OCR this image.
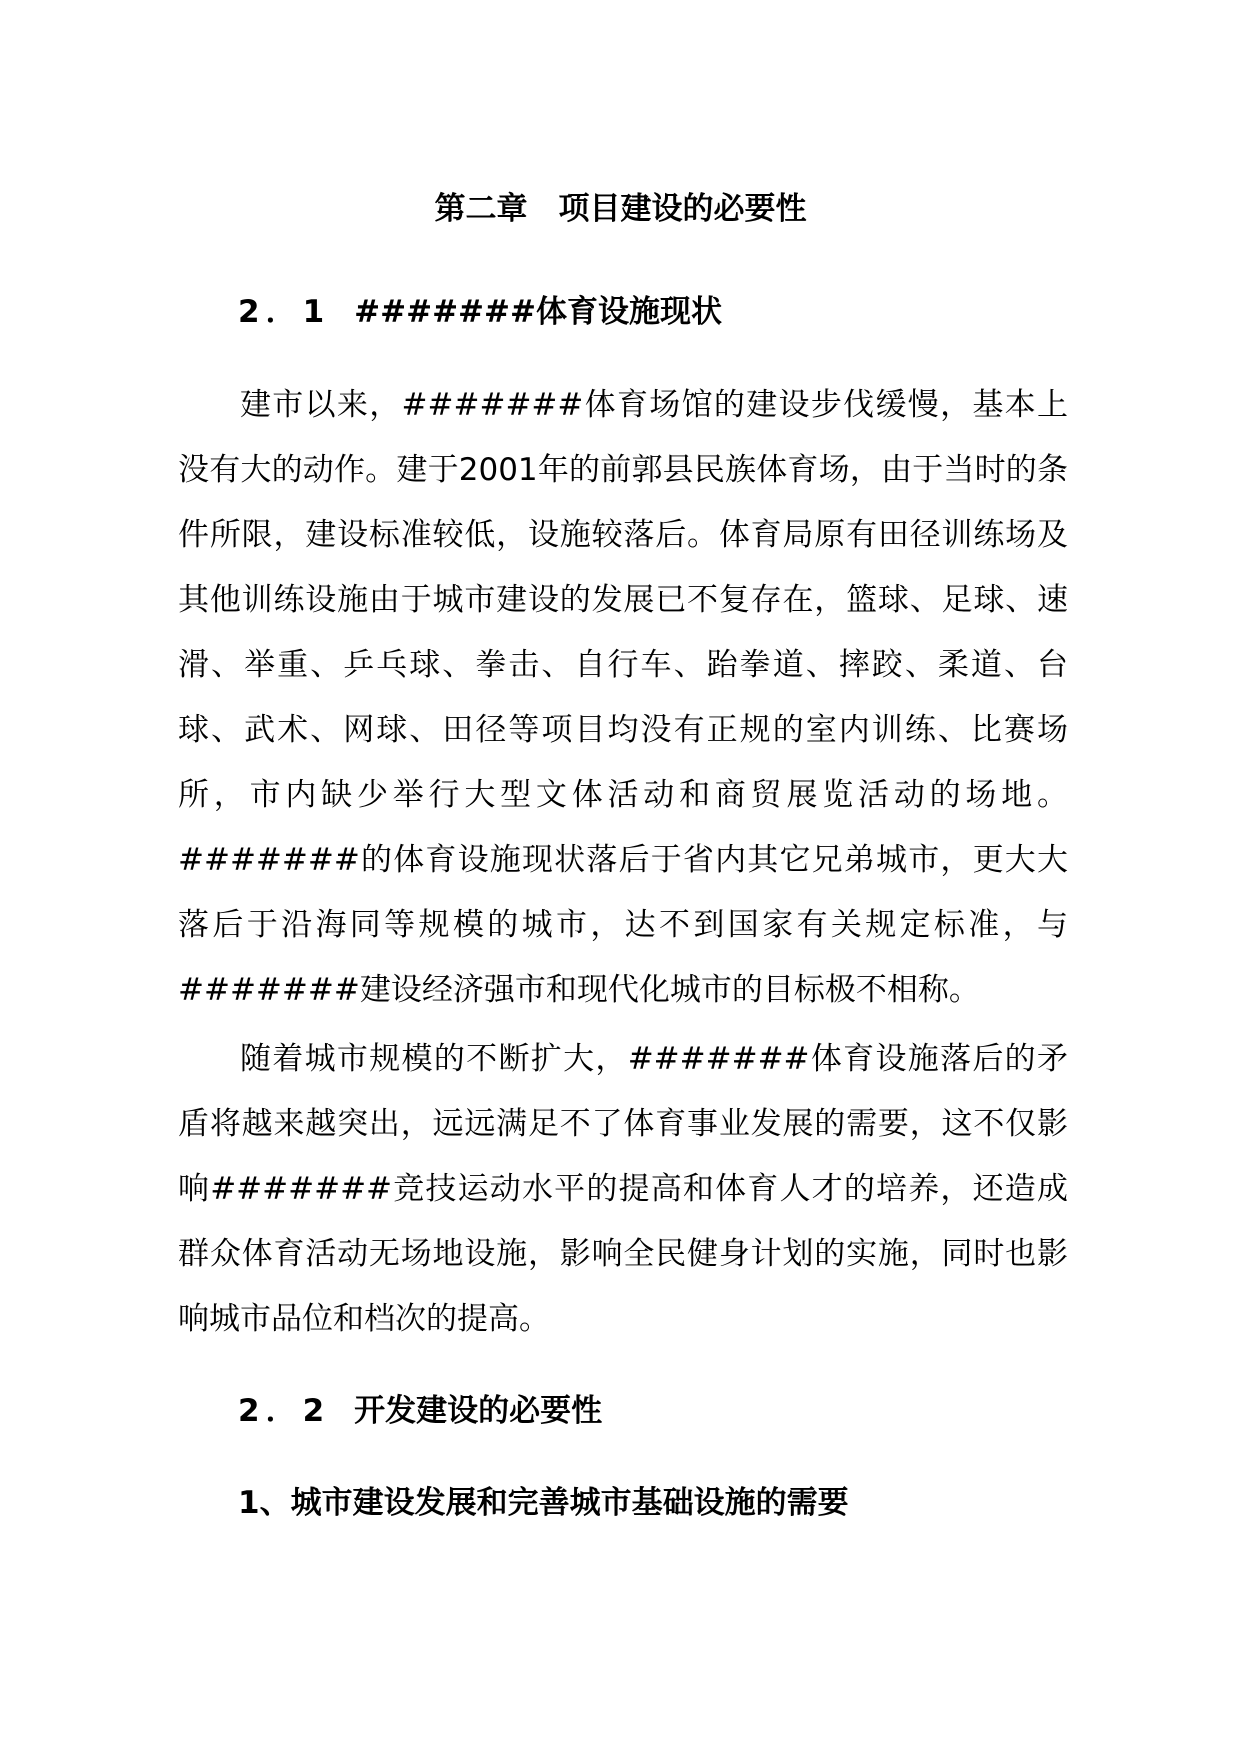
第二章　项目建设的必要性
2．1 #######体育设施现状

建市以来，#######体育场馆的建设步伐缓慢，基本上没有大的动作。建于2001年的前郭县民族体育场，由于当时的条件所限，建设标准较低，设施较落后。体育局原有田径训练场及其他训练设施由于城市建设的发展已不复存在，篮球、足球、速滑、举重、乒乓球、拳击、自行车、跆拳道、摔跤、柔道、台球、武术、网球、田径等项目均没有正规的室内训练、比赛场所，市内缺少举行大型文体活动和商贸展览活动的场地。#######的体育设施现状落后于省内其它兄弟城市，更大大落后于沿海同等规模的城市，达不到国家有关规定标准，与#######建设经济强市和现代化城市的目标极不相称。

随着城市规模的不断扩大，#######体育设施落后的矛盾将越来越突出，远远满足不了体育事业发展的需要，这不仅影响#######竞技运动水平的提高和体育人才的培养，还造成群众体育活动无场地设施，影响全民健身计划的实施，同时也影响城市品位和档次的提高。

2．2 开发建设的必要性
1、城市建设发展和完善城市基础设施的需要
